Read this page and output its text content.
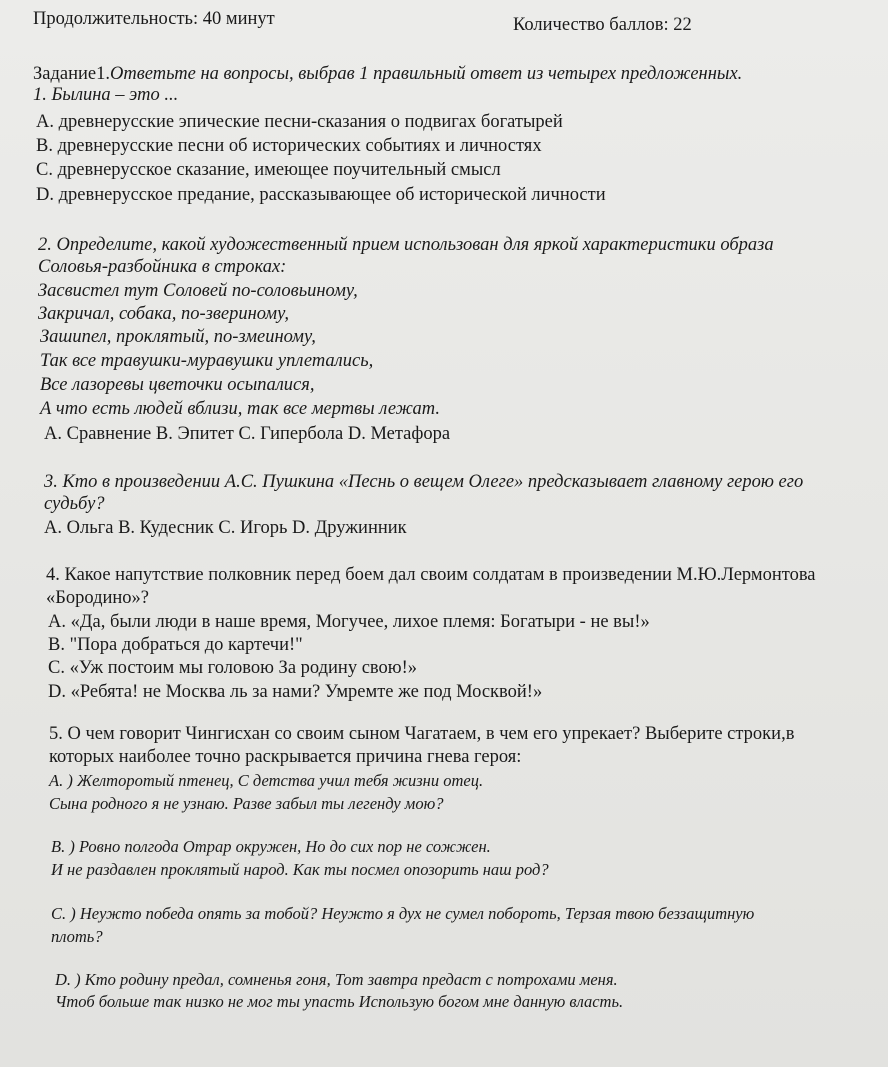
Продолжительность: 40 минут	Количество баллов: 22
Задание1.Ответьте на вопросы, выбрав 1 правильный ответ из четырех предложенных.
1. Былина – это ...
А. древнерусские эпические песни-сказания о подвигах богатырей
В. древнерусские песни об исторических событиях и личностях
С. древнерусское сказание, имеющее поучительный смысл
D. древнерусское предание, рассказывающее об исторической личности
2. Определите, какой художественный прием использован для яркой характеристики образа
Соловья-разбойника в строках:
Засвистел тут Соловей по-соловьиному,
Закричал, собака, по-звериному,
Зашипел, проклятый, по-змеиному,
Так все травушки-муравушки уплетались,
Все лазоревы цветочки осыпалися,
А что есть людей вблизи, так все мертвы лежат.
А. Сравнение В. Эпитет С. Гипербола D. Метафора
3. Кто в произведении А.С. Пушкина «Песнь о вещем Олеге» предсказывает главному герою его
судьбу?
А. Ольга В. Кудесник С. Игорь D. Дружинник
4. Какое напутствие полковник перед боем дал своим солдатам в произведении М.Ю.Лермонтова
«Бородино»?
А. «Да, были люди в наше время, Могучее, лихое племя: Богатыри - не вы!»
В. "Пора добраться до картечи!"
С. «Уж постоим мы головою За родину свою!»
D. «Ребята! не Москва ль за нами? Умремте же под Москвой!»
5. О чем говорит Чингисхан со своим сыном Чагатаем, в чем его упрекает? Выберите строки,в
которых наиболее точно раскрывается причина гнева героя:
А. ) Желторотый птенец, С детства учил тебя жизни отец.
Сына родного я не узнаю. Разве забыл ты легенду мою?
В. ) Ровно полгода Отрар окружен, Но до сих пор не сожжен.
И не раздавлен проклятый народ. Как ты посмел опозорить наш род?
С. ) Неужто победа опять за тобой? Неужто я дух не сумел побороть, Терзая твою беззащитную
плоть?
D. ) Кто родину предал, сомненья гоня, Тот завтра предаст с потрохами меня.
Чтоб больше так низко не мог ты упасть Использую богом мне данную власть.
